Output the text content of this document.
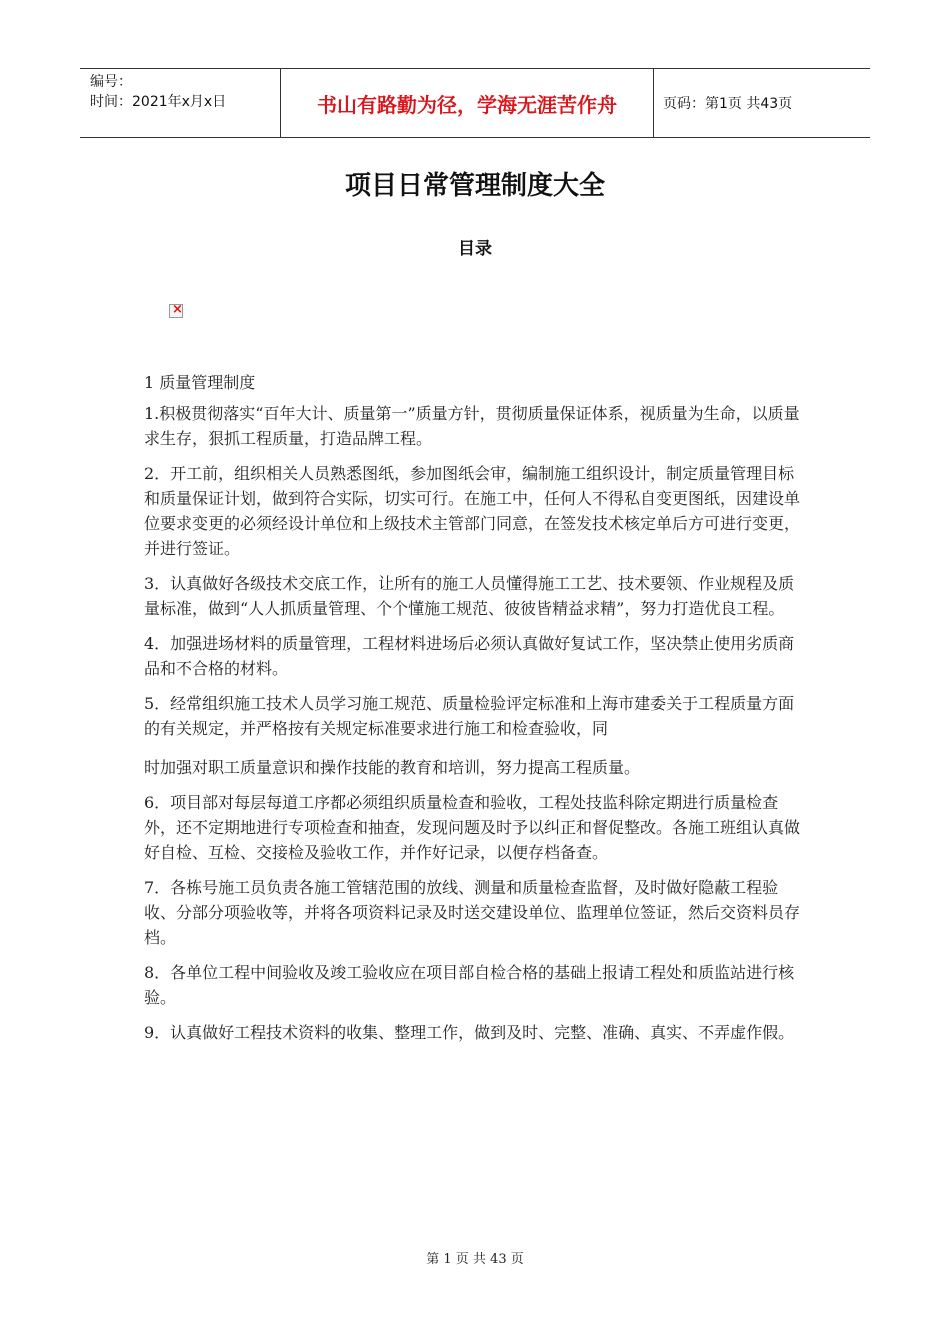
编号：
时间：2021年x月x日	书山有路勤为径，学海无涯苦作舟	页码：第1页 共43页
项目日常管理制度大全
目录
×

1 质量管理制度

1.积极贯彻落实“百年大计、质量第一”质量方针，贯彻质量保证体系，视质量为生命，以质量求生存，狠抓工程质量，打造品牌工程。

2．开工前，组织相关人员熟悉图纸，参加图纸会审，编制施工组织设计，制定质量管理目标和质量保证计划，做到符合实际，切实可行。在施工中，任何人不得私自变更图纸，因建设单位要求变更的必须经设计单位和上级技术主管部门同意，在签发技术核定单后方可进行变更，并进行签证。

3．认真做好各级技术交底工作，让所有的施工人员懂得施工工艺、技术要领、作业规程及质量标准，做到“人人抓质量管理、个个懂施工规范、彼彼皆精益求精”，努力打造优良工程。

4．加强进场材料的质量管理，工程材料进场后必须认真做好复试工作，坚决禁止使用劣质商品和不合格的材料。

5．经常组织施工技术人员学习施工规范、质量检验评定标准和上海市建委关于工程质量方面的有关规定，并严格按有关规定标准要求进行施工和检查验收，同

时加强对职工质量意识和操作技能的教育和培训，努力提高工程质量。

6．项目部对每层每道工序都必须组织质量检查和验收，工程处技监科除定期进行质量检查外，还不定期地进行专项检查和抽查，发现问题及时予以纠正和督促整改。各施工班组认真做好自检、互检、交接检及验收工作，并作好记录，以便存档备查。

7．各栋号施工员负责各施工管辖范围的放线、测量和质量检查监督，及时做好隐蔽工程验收、分部分项验收等，并将各项资料记录及时送交建设单位、监理单位签证，然后交资料员存档。

8．各单位工程中间验收及竣工验收应在项目部自检合格的基础上报请工程处和质监站进行核验。

9．认真做好工程技术资料的收集、整理工作，做到及时、完整、准确、真实、不弄虚作假。

第 1 页 共 43 页
